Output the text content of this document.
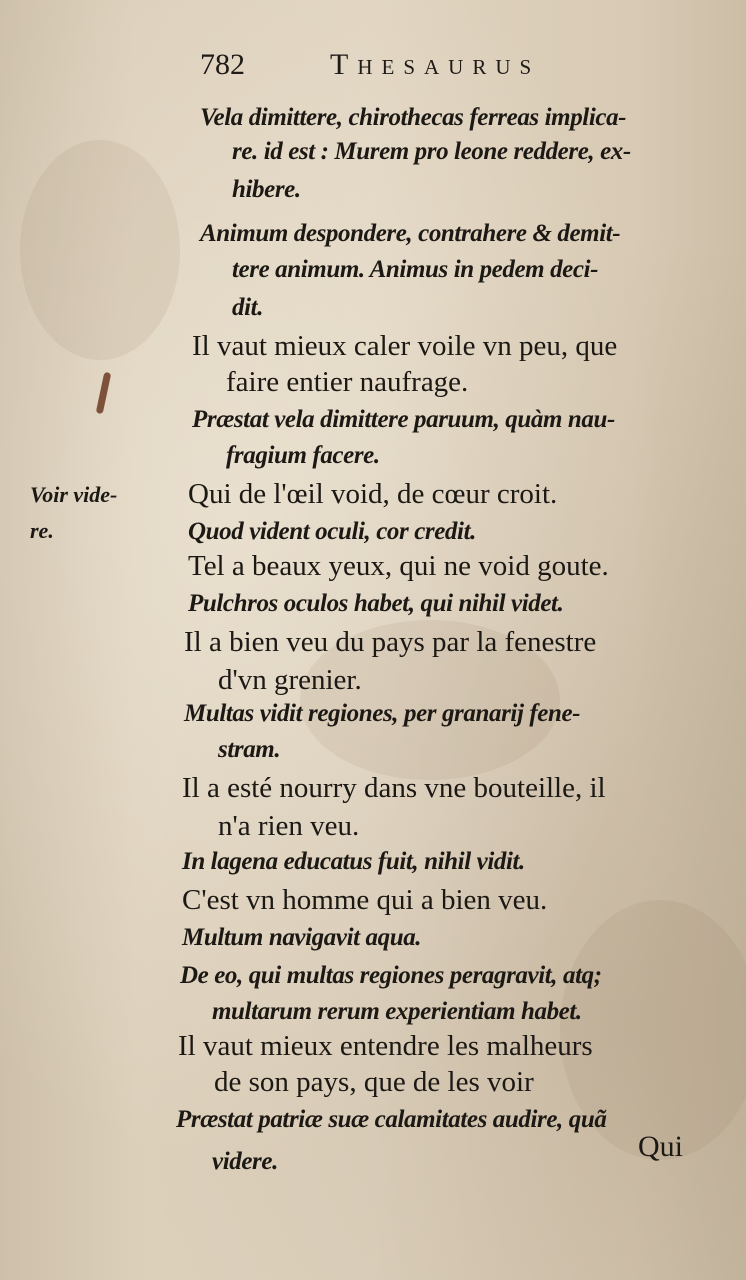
782	Thesaurus
Voir vide-
re.
Vela dimittere, chirothecas ferreas implica-
re. id est : Murem pro leone reddere, ex-
hibere.
Animum despondere, contrahere & demit-
tere animum. Animus in pedem deci-
dit.
Il vaut mieux caler voile vn peu, que
faire entier naufrage.
Præstat vela dimittere paruum, quàm nau-
fragium facere.
Qui de l'œil void, de cœur croit.
Quod vident oculi, cor credit.
Tel a beaux yeux, qui ne void goute.
Pulchros oculos habet, qui nihil videt.
Il a bien veu du pays par la fenestre
d'vn grenier.
Multas vidit regiones, per granarij fene-
stram.
Il a esté nourry dans vne bouteille, il
n'a rien veu.
In lagena educatus fuit, nihil vidit.
C'est vn homme qui a bien veu.
Multum navigavit aqua.
De eo, qui multas regiones peragravit, atq;
multarum rerum experientiam habet.
Il vaut mieux entendre les malheurs
de son pays, que de les voir
Præstat patriæ suæ calamitates audire, quã
videre.	Qui
